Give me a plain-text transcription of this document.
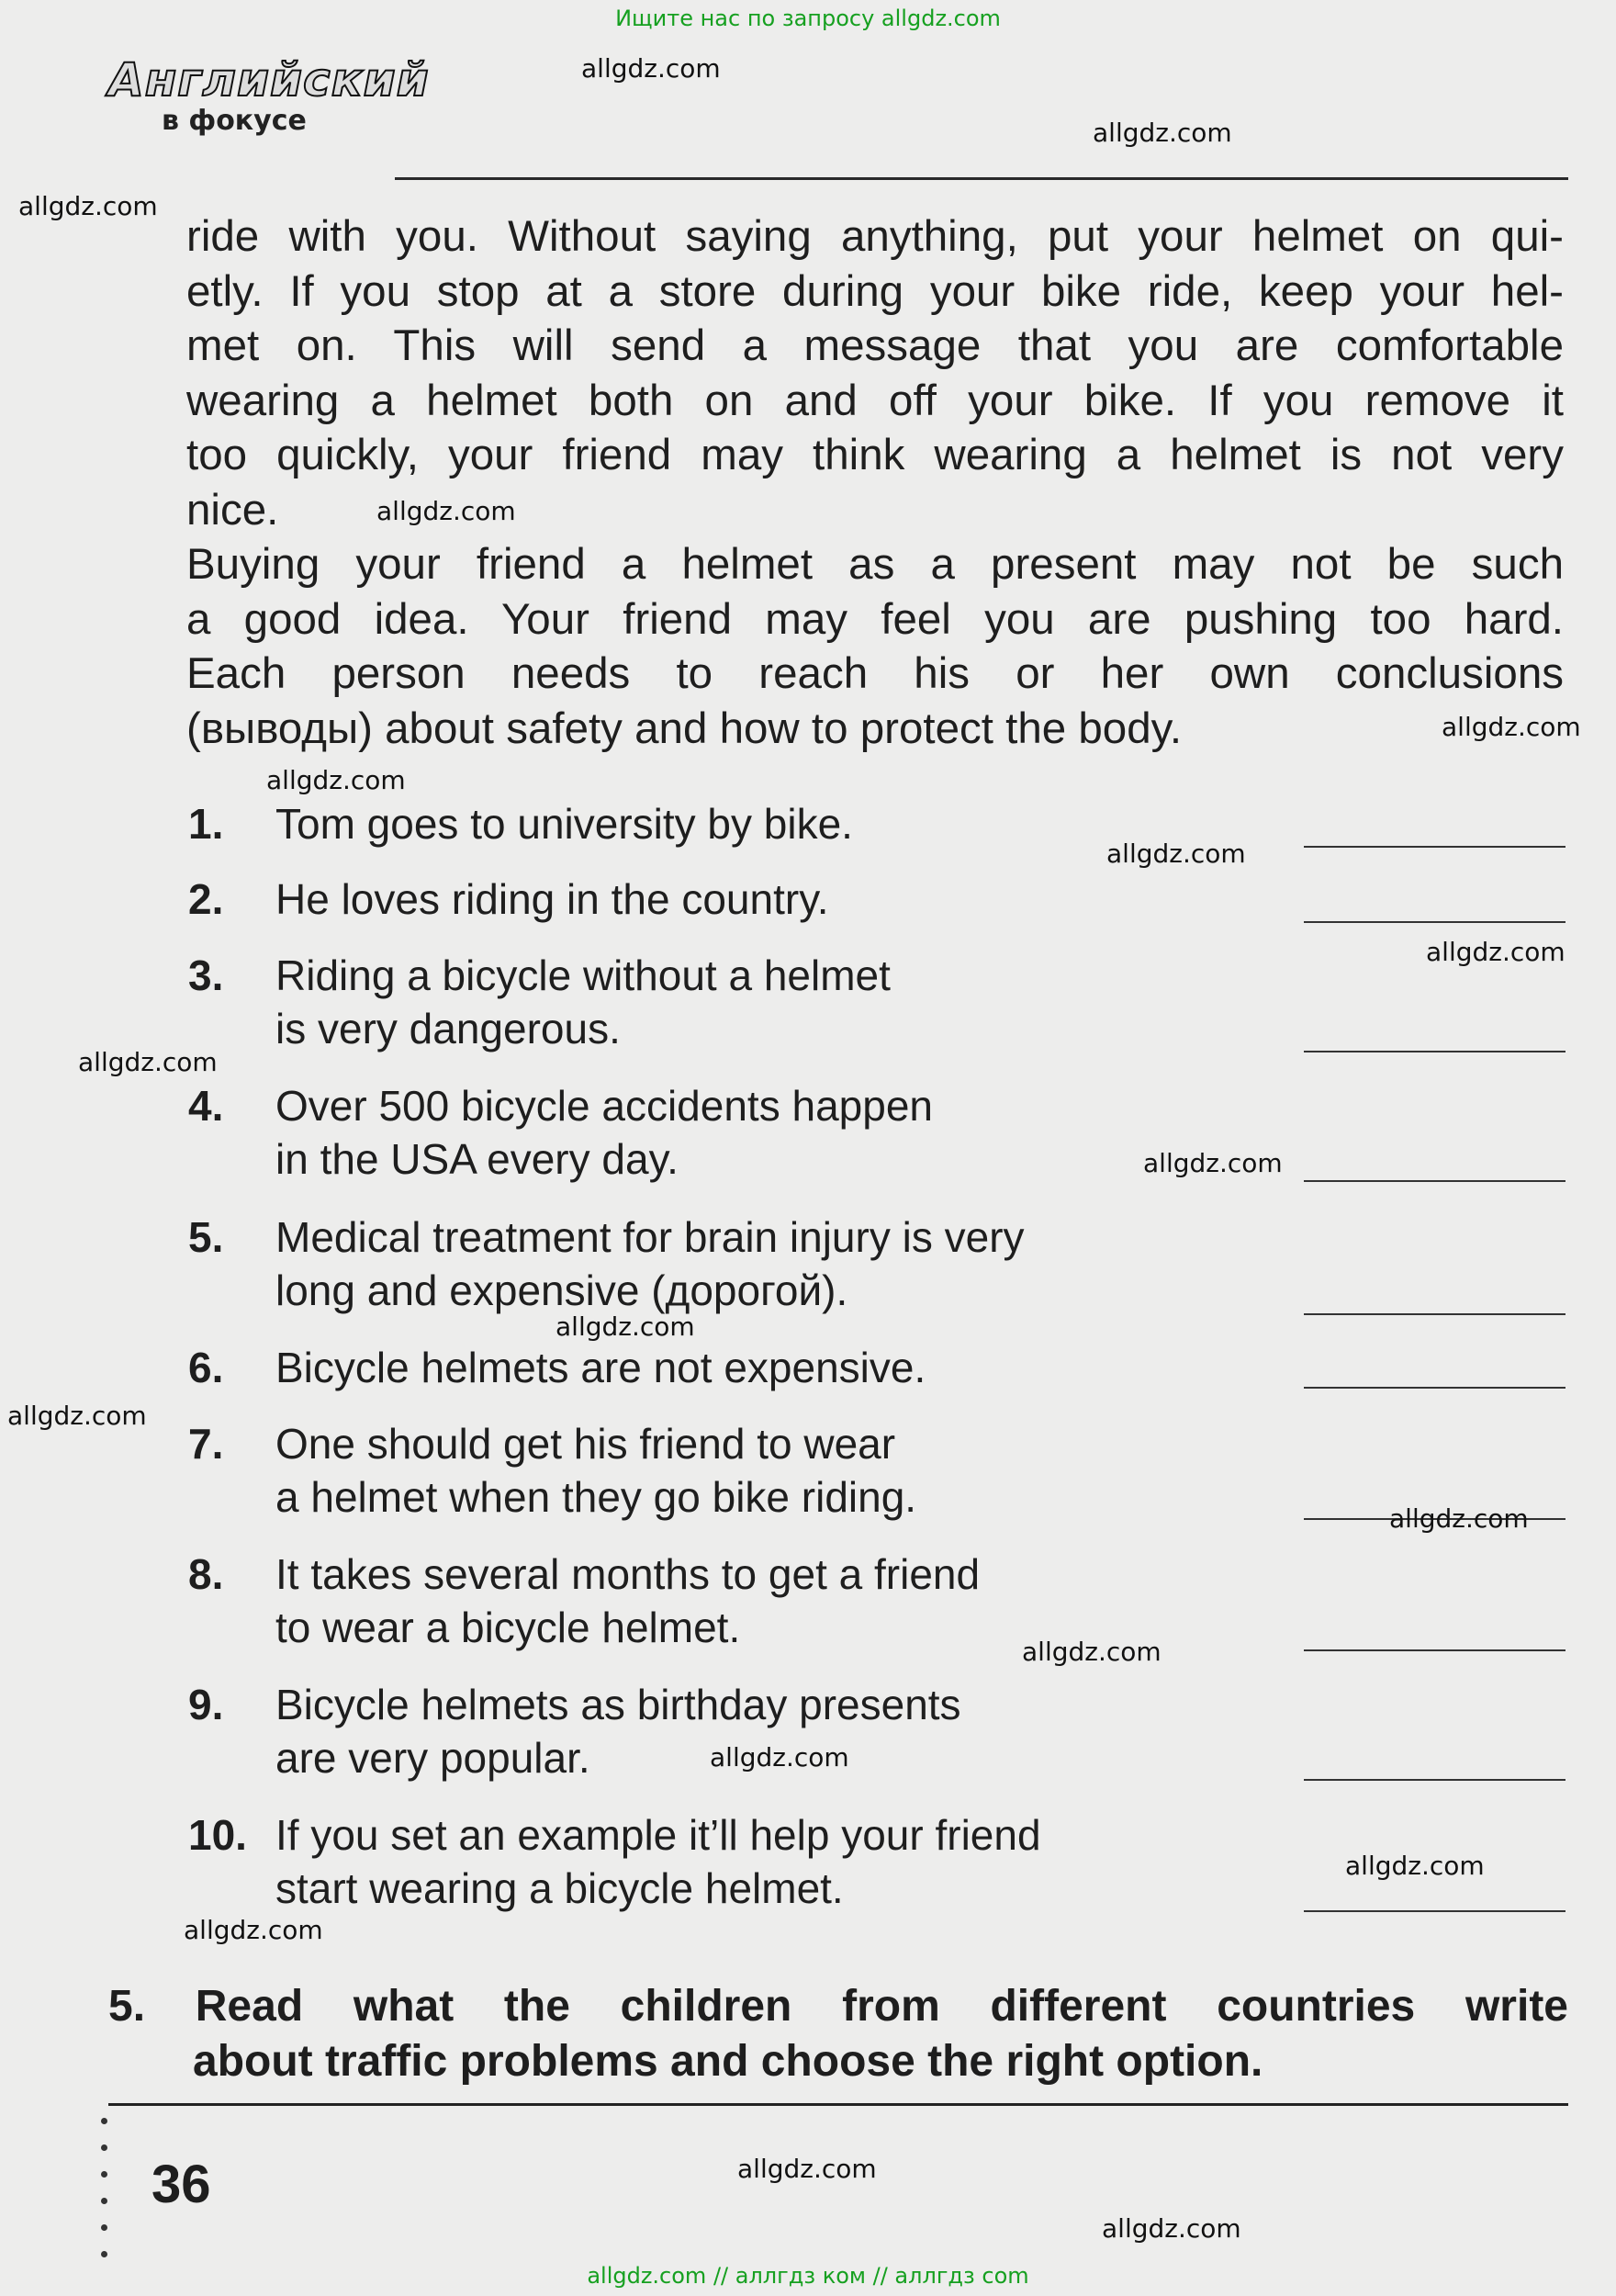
Ищите нас по запросу allgdz.com
Английский
в фокусе
ride with you. Without saying anything, put your helmet on qui-
etly. If you stop at a store during your bike ride, keep your hel-
met on. This will send a message that you are comfortable
wearing a helmet both on and off your bike. If you remove it
too quickly, your friend may think wearing a helmet is not very
nice.
Buying your friend a helmet as a present may not be such
a good idea. Your friend may feel you are pushing too hard.
Each person needs to reach his or her own conclusions
(выводы) about safety and how to protect the body.
1. Tom goes to university by bike.
2. He loves riding in the country.
3. Riding a bicycle without a helmet
is very dangerous.
4. Over 500 bicycle accidents happen
in the USA every day.
5. Medical treatment for brain injury is very
long and expensive (дорогой).
6. Bicycle helmets are not expensive.
7. One should get his friend to wear
a helmet when they go bike riding.
8. It takes several months to get a friend
to wear a bicycle helmet.
9. Bicycle helmets as birthday presents
are very popular.
10. If you set an example it’ll help your friend
start wearing a bicycle helmet.
5. Read what the children from different countries write
about traffic problems and choose the right option.
36
allgdz.com
allgdz.com
allgdz.com
allgdz.com
allgdz.com
allgdz.com
allgdz.com
allgdz.com
allgdz.com
allgdz.com
allgdz.com
allgdz.com
allgdz.com
allgdz.com
allgdz.com
allgdz.com
allgdz.com
allgdz.com
allgdz.com
allgdz.com // аллгдз ком // аллгдз com
